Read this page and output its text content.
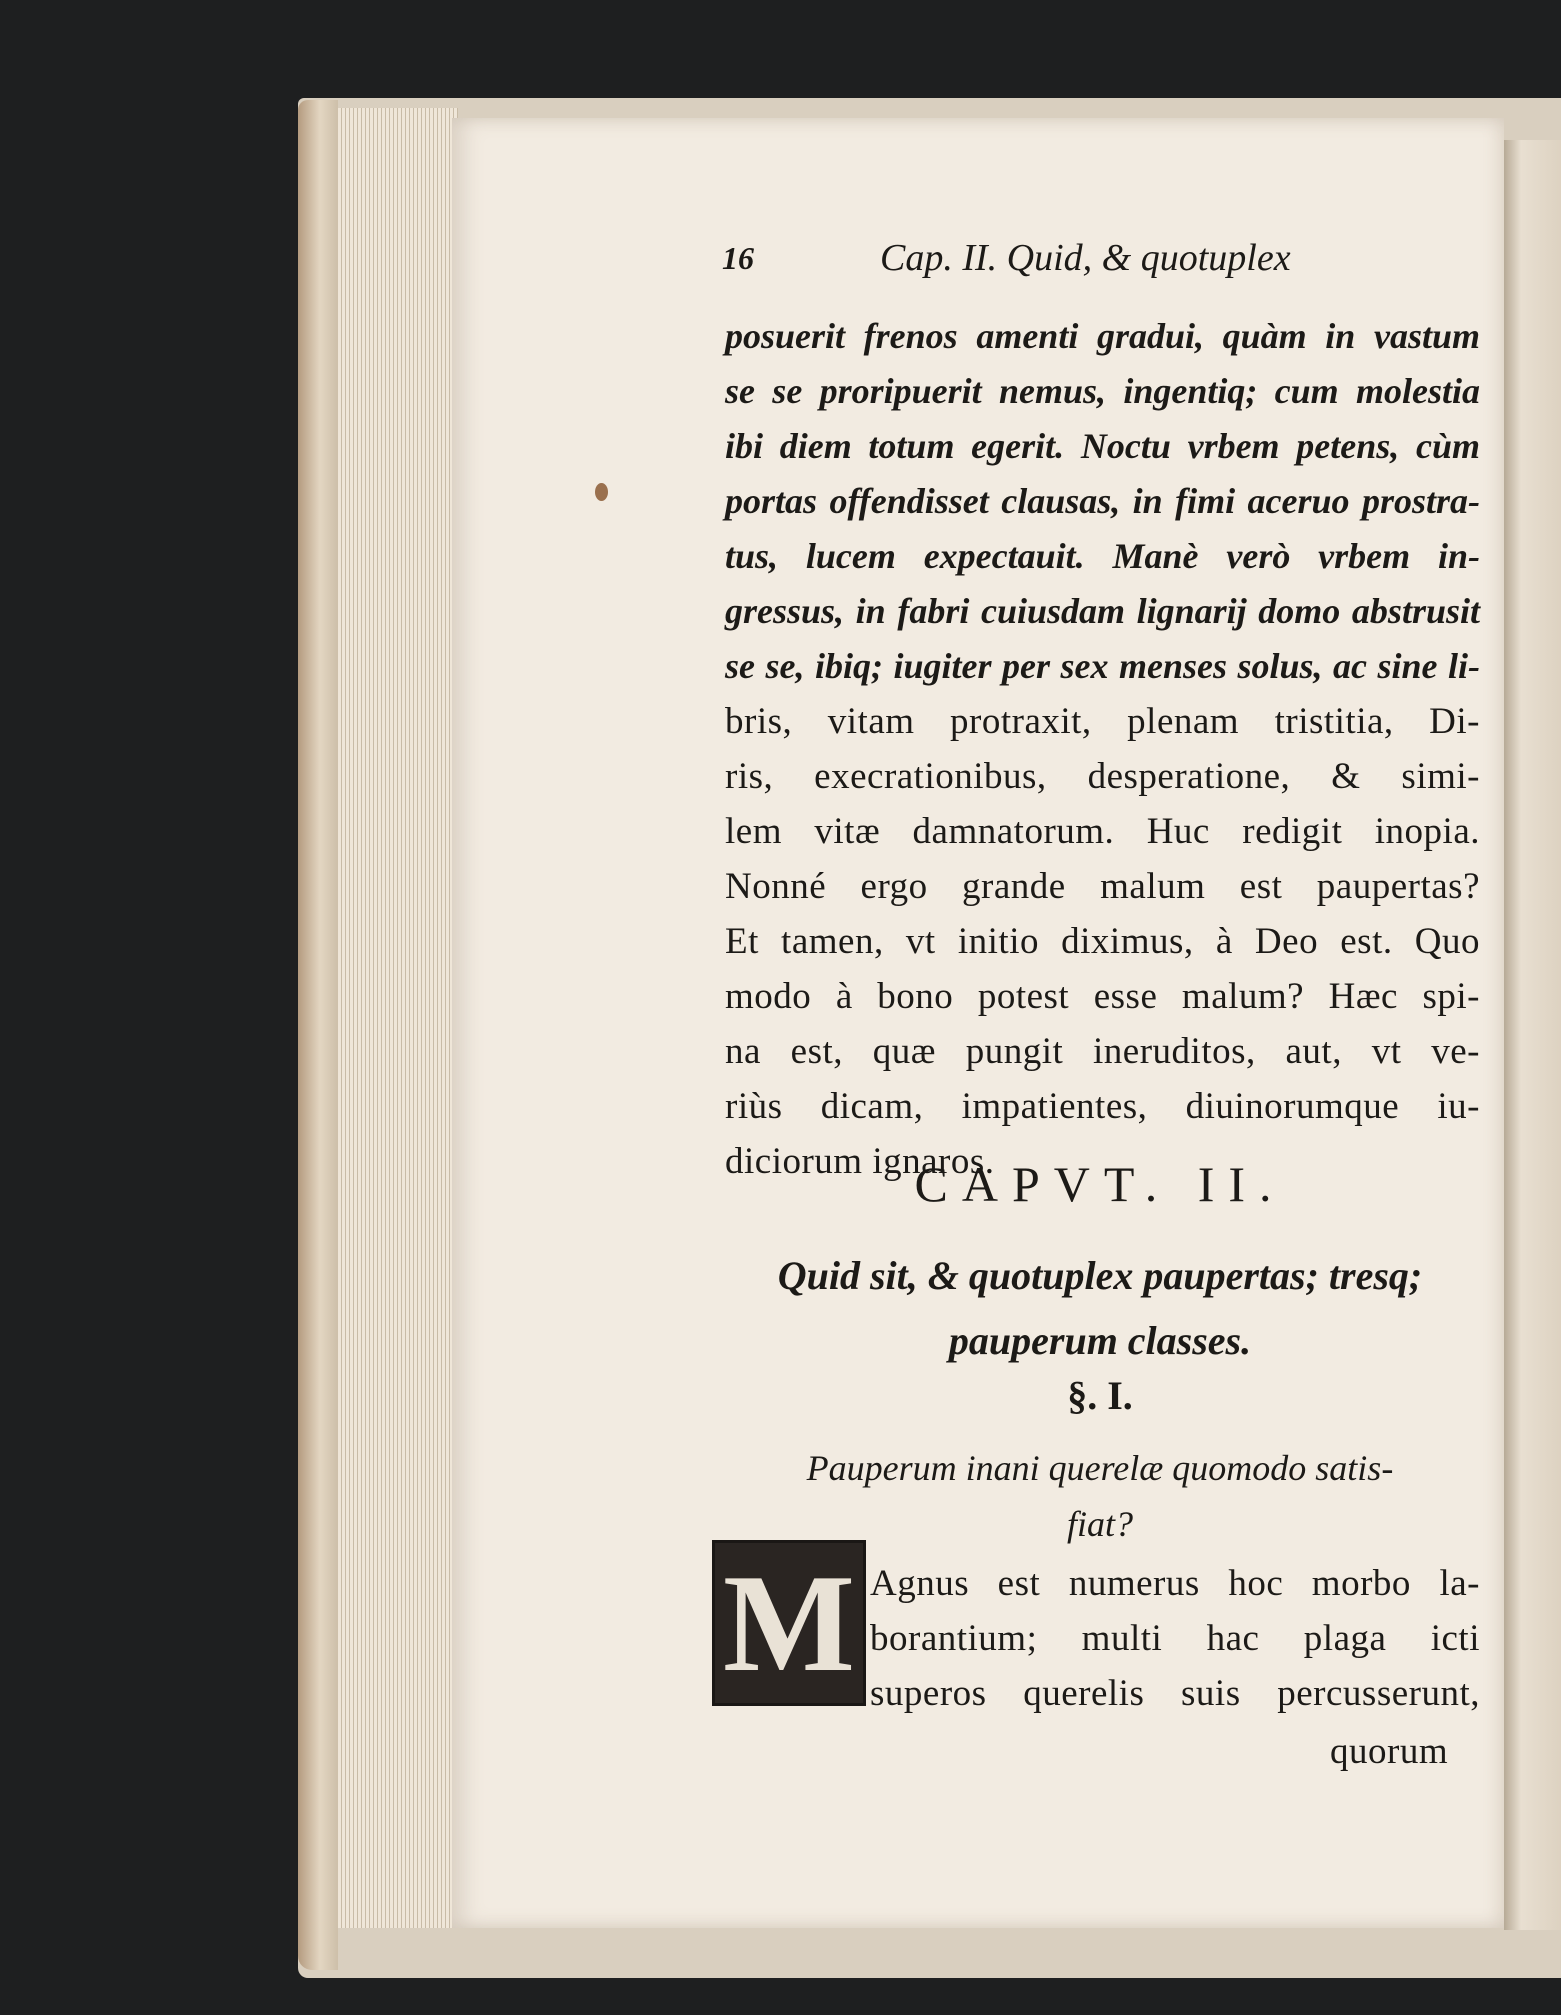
16	Cap. II. Quid, & quotuplex

posuerit frenos amenti gradui, quàm in vastum

se se proripuerit nemus, ingentiq; cum molestia

ibi diem totum egerit. Noctu vrbem petens, cùm

portas offendisset clausas, in fimi aceruo prostra-

tus, lucem expectauit. Manè verò vrbem in-

gressus, in fabri cuiusdam lignarij domo abstrusit

se se, ibiq; iugiter per sex menses solus, ac sine li-

bris, vitam protraxit, plenam tristitia, Di-

ris, execrationibus, desperatione, & simi-

lem vitæ damnatorum. Huc redigit inopia.

Nonné ergo grande malum est paupertas?

Et tamen, vt initio diximus, à Deo est. Quo

modo à bono potest esse malum? Hæc spi-

na est, quæ pungit ineruditos, aut, vt ve-

riùs dicam, impatientes, diuinorumque iu-

diciorum ignaros.

CAPVT. II.

Quid sit, & quotuplex paupertas; tresq;

pauperum classes.

§. I.

Pauperum inani querelæ quomodo satis-

fiat?

M Agnus est numerus hoc morbo la-

borantium; multi hac plaga icti

superos querelis suis percusserunt,

quorum
